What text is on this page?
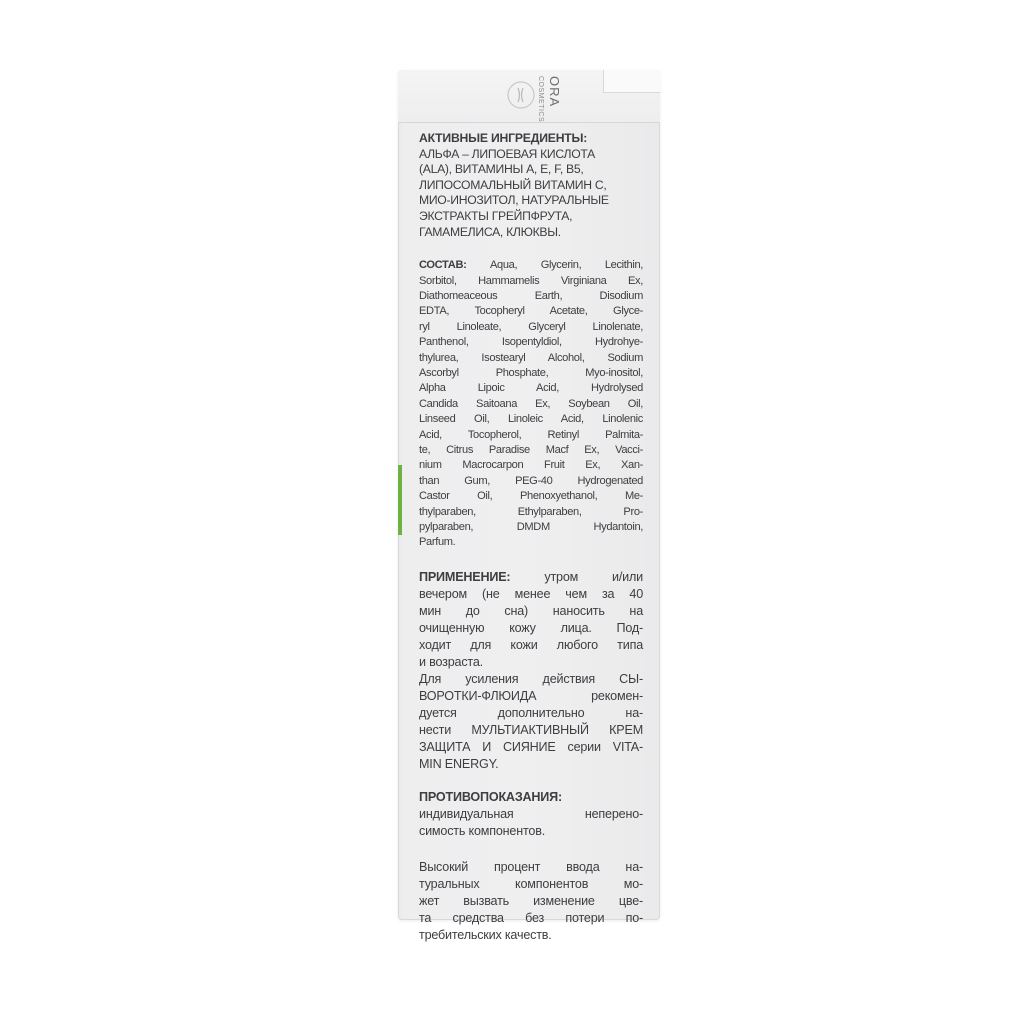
ORA
COSMETICS
АКТИВНЫЕ ИНГРЕДИЕНТЫ:
АЛЬФА – ЛИПОЕВАЯ КИСЛОТА
(ALA), ВИТАМИНЫ А, Е, F, B5,
ЛИПОСОМАЛЬНЫЙ ВИТАМИН С,
МИО-ИНОЗИТОЛ, НАТУРАЛЬНЫЕ
ЭКСТРАКТЫ ГРЕЙПФРУТА,
ГАМАМЕЛИСА, КЛЮКВЫ.
СОСТАВ: Aqua, Glycerin, Lecithin,
Sorbitol, Hammamelis Virginiana Ex,
Diathomeaceous Earth, Disodium
EDTA, Tocopheryl Acetate, Glyce-
ryl Linoleate, Glyceryl Linolenate,
Panthenol, Isopentyldiol, Hydrohye-
thylurea, Isostearyl Alcohol, Sodium
Ascorbyl Phosphate, Myo-inositol,
Alpha Lipoic Acid, Hydrolysed
Candida Saitoana Ex, Soybean Oil,
Linseed Oil, Linoleic Acid, Linolenic
Acid, Tocopherol, Retinyl Palmita-
te, Citrus Paradise Macf Ex, Vacci-
nium Macrocarpon Fruit Ex, Xan-
than Gum, PEG-40 Hydrogenated
Castor Oil, Phenoxyethanol, Me-
thylparaben, Ethylparaben, Pro-
pylparaben, DMDM Hydantoin,
Parfum.
ПРИМЕНЕНИЕ:	утром и/или
вечером (не менее чем за 40
мин до сна) наносить на
очищенную кожу лица. Под-
ходит для кожи любого типа
и возраста.
Для усиления действия СЫ-
ВОРОТКИ-ФЛЮИДА рекомен-
дуется дополнительно на-
нести МУЛЬТИАКТИВНЫЙ КРЕМ
ЗАЩИТА И СИЯНИЕ серии VITA-
MIN ENERGY.
ПРОТИВОПОКАЗАНИЯ:
индивидуальная неперено-
симость компонентов.
Высокий процент ввода на-
туральных компонентов мо-
жет вызвать изменение цве-
та средства без потери по-
требительских качеств.
